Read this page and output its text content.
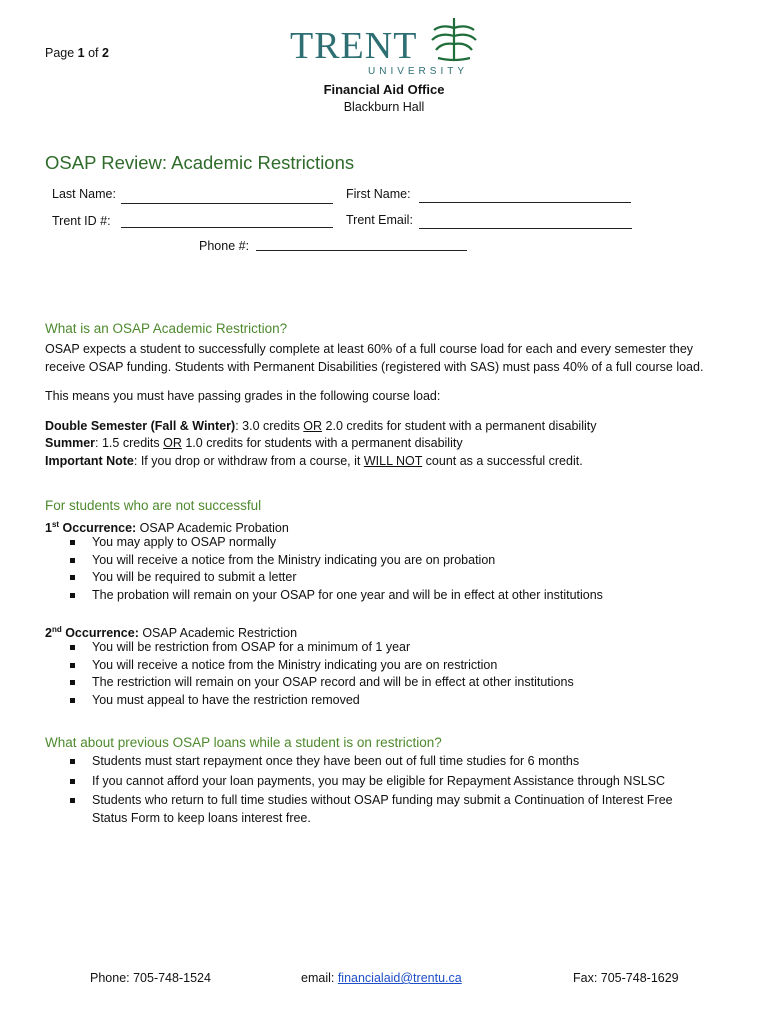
Page 1 of 2	TRENT
UNIVERSITY
Financial Aid Office
Blackburn Hall
OSAP Review: Academic Restrictions
Last Name:	First Name:
Trent ID #:	Trent Email:
Phone #:
What is an OSAP Academic Restriction?
OSAP expects a student to successfully complete at least 60% of a full course load for each and every semester they receive OSAP funding. Students with Permanent Disabilities (registered with SAS) must pass 40% of a full course load.
This means you must have passing grades in the following course load:
Double Semester (Fall & Winter): 3.0 credits OR 2.0 credits for student with a permanent disability
Summer: 1.5 credits OR 1.0 credits for students with a permanent disability
Important Note: If you drop or withdraw from a course, it WILL NOT count as a successful credit.
For students who are not successful
1st Occurrence: OSAP Academic Probation
You may apply to OSAP normally
You will receive a notice from the Ministry indicating you are on probation
You will be required to submit a letter
The probation will remain on your OSAP for one year and will be in effect at other institutions
2nd Occurrence: OSAP Academic Restriction
You will be restriction from OSAP for a minimum of 1 year
You will receive a notice from the Ministry indicating you are on restriction
The restriction will remain on your OSAP record and will be in effect at other institutions
You must appeal to have the restriction removed
What about previous OSAP loans while a student is on restriction?
Students must start repayment once they have been out of full time studies for 6 months
If you cannot afford your loan payments, you may be eligible for Repayment Assistance through NSLSC
Students who return to full time studies without OSAP funding may submit a Continuation of Interest Free Status Form to keep loans interest free.
Phone: 705-748-1524	email: financialaid@trentu.ca	Fax: 705-748-1629
